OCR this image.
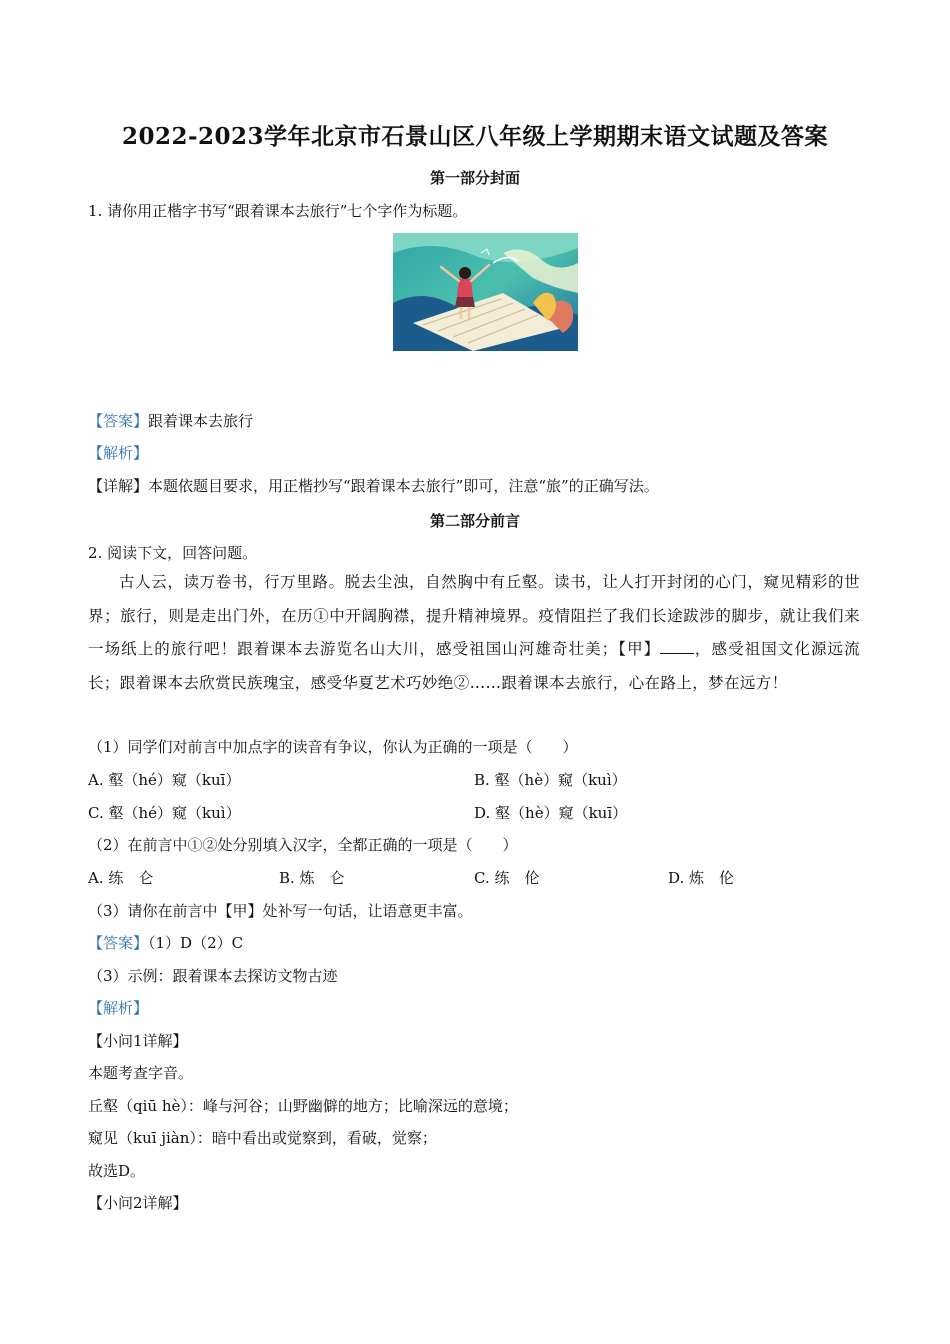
2022-2023学年北京市石景山区八年级上学期期末语文试题及答案
第一部分封面
1. 请你用正楷字书写“跟着课本去旅行”七个字作为标题。
【答案】跟着课本去旅行
【解析】
【详解】本题依题目要求，用正楷抄写“跟着课本去旅行”即可，注意“旅”的正确写法。
第二部分前言
2. 阅读下文，回答问题。
古人云，读万卷书，行万里路。脱去尘浊，自然胸中有丘壑。读书，让人打开封闭的心门，窥见精彩的世界；旅行，则是走出门外，在历①中开阔胸襟，提升精神境界。疫情阻拦了我们长途跋涉的脚步，就让我们来一场纸上的旅行吧！跟着课本去游览名山大川，感受祖国山河雄奇壮美；【甲】 ，感受祖国文化源远流长；跟着课本去欣赏民族瑰宝，感受华夏艺术巧妙绝②……跟着课本去旅行，心在路上，梦在远方！
（1）同学们对前言中加点字的读音有争议，你认为正确的一项是（　　）
A. 壑（hé）窥（kuī）	B. 壑（hè）窥（kuì）
C. 壑（hé）窥（kuì）	D. 壑（hè）窥（kuī）
（2）在前言中①②处分别填入汉字，全都正确的一项是（　　）
A. 练　仑	B. 炼　仑	C. 练　伦	D. 炼　伦
（3）请你在前言中【甲】处补写一句话，让语意更丰富。
【答案】（1）D（2）C
（3）示例：跟着课本去探访文物古迹
【解析】
【小问1详解】
本题考查字音。
丘壑（qiū hè）：峰与河谷；山野幽僻的地方；比喻深远的意境；
窥见（kuī jiàn）：暗中看出或觉察到，看破，觉察；
故选D。
【小问2详解】
